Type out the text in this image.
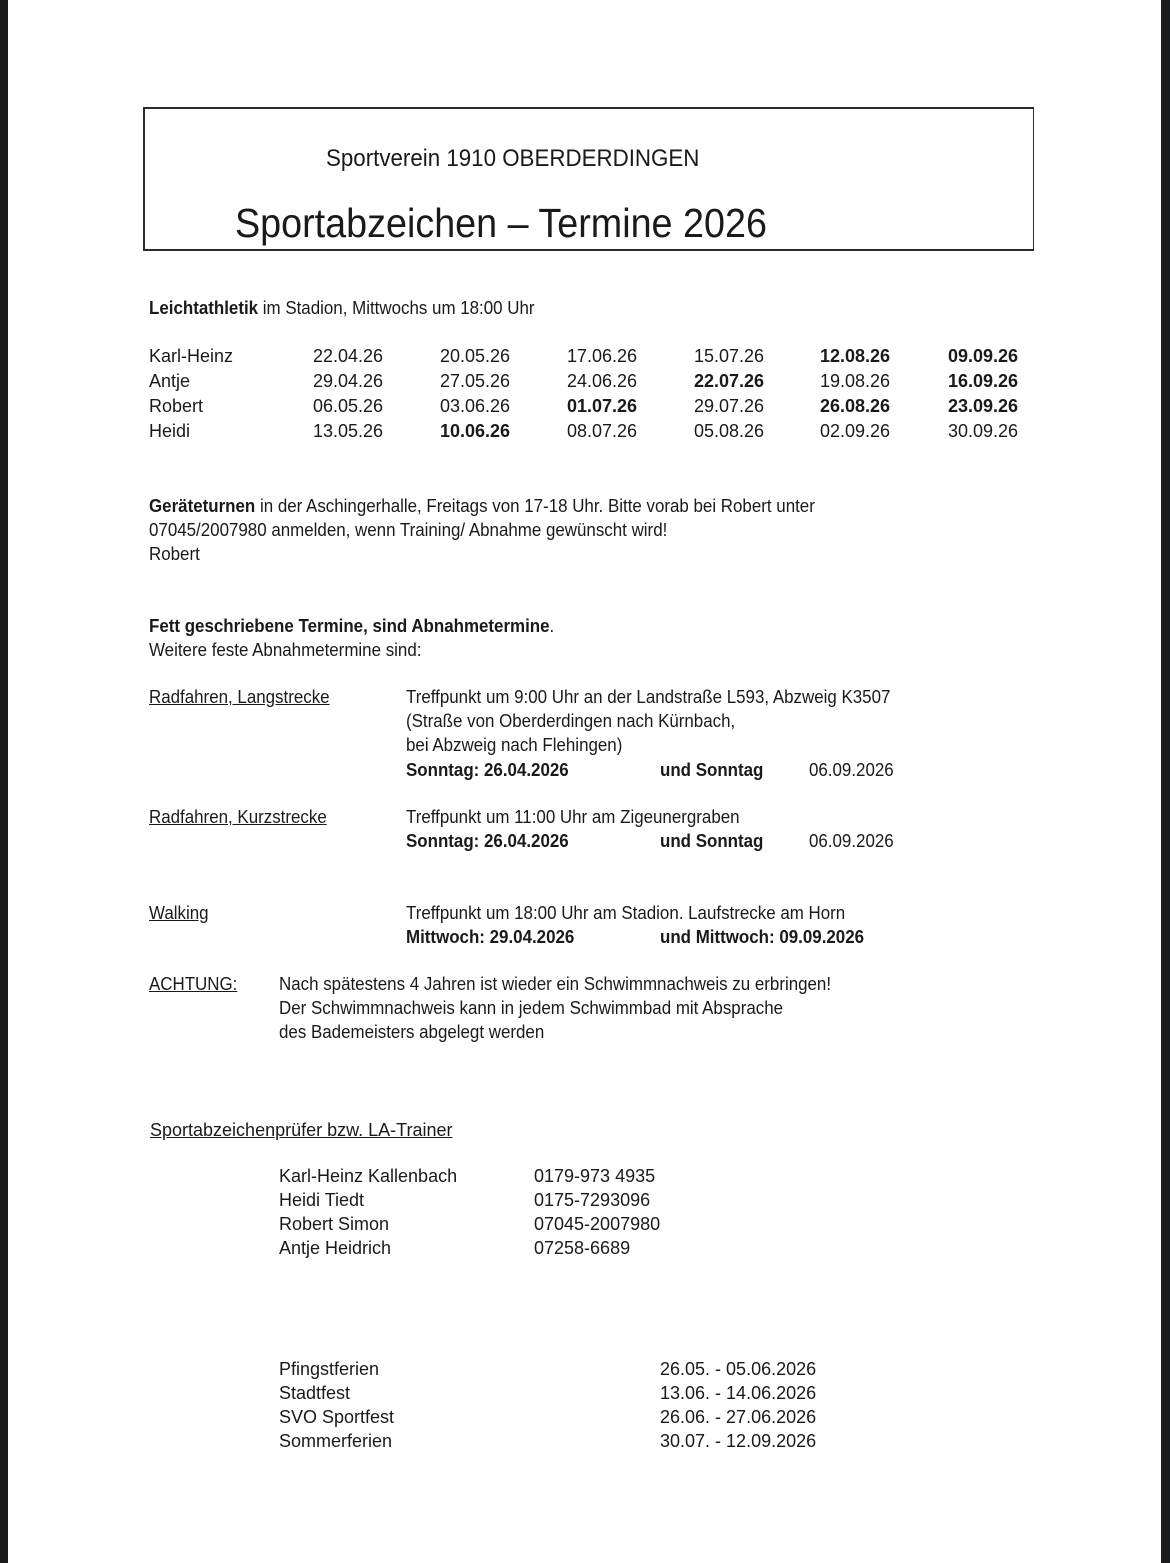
Sportverein 1910 OBERDERDINGEN
Sportabzeichen – Termine 2026
Leichtathletik im Stadion, Mittwochs um 18:00 Uhr
Karl-Heinz	22.04.26	20.05.26	17.06.26	15.07.26	12.08.26	09.09.26
Antje	29.04.26	27.05.26	24.06.26	22.07.26	19.08.26	16.09.26
Robert	06.05.26	03.06.26	01.07.26	29.07.26	26.08.26	23.09.26
Heidi	13.05.26	10.06.26	08.07.26	05.08.26	02.09.26	30.09.26
Geräteturnen in der Aschingerhalle, Freitags von 17-18 Uhr. Bitte vorab bei Robert unter
07045/2007980 anmelden, wenn Training/ Abnahme gewünscht wird!
Robert
Fett geschriebene Termine, sind Abnahmetermine.
Weitere feste Abnahmetermine sind:
Radfahren, Langstrecke	Treffpunkt um 9:00 Uhr an der Landstraße L593, Abzweig K3507
(Straße von Oberderdingen nach Kürnbach,
bei Abzweig nach Flehingen)
Sonntag: 26.04.2026	und Sonntag	06.09.2026
Radfahren, Kurzstrecke	Treffpunkt um 11:00 Uhr am Zigeunergraben
Sonntag: 26.04.2026	und Sonntag	06.09.2026
Walking	Treffpunkt um 18:00 Uhr am Stadion. Laufstrecke am Horn
Mittwoch: 29.04.2026	und Mittwoch: 09.09.2026
ACHTUNG: Nach spätestens 4 Jahren ist wieder ein Schwimmnachweis zu erbringen!
Der Schwimmnachweis kann in jedem Schwimmbad mit Absprache
des Bademeisters abgelegt werden
Sportabzeichenprüfer bzw. LA-Trainer
Karl-Heinz Kallenbach	0179-973 4935
Heidi Tiedt	0175-7293096
Robert Simon	07045-2007980
Antje Heidrich	07258-6689
Pfingstferien	26.05. - 05.06.2026
Stadtfest	13.06. - 14.06.2026
SVO Sportfest	26.06. - 27.06.2026
Sommerferien	30.07. - 12.09.2026
